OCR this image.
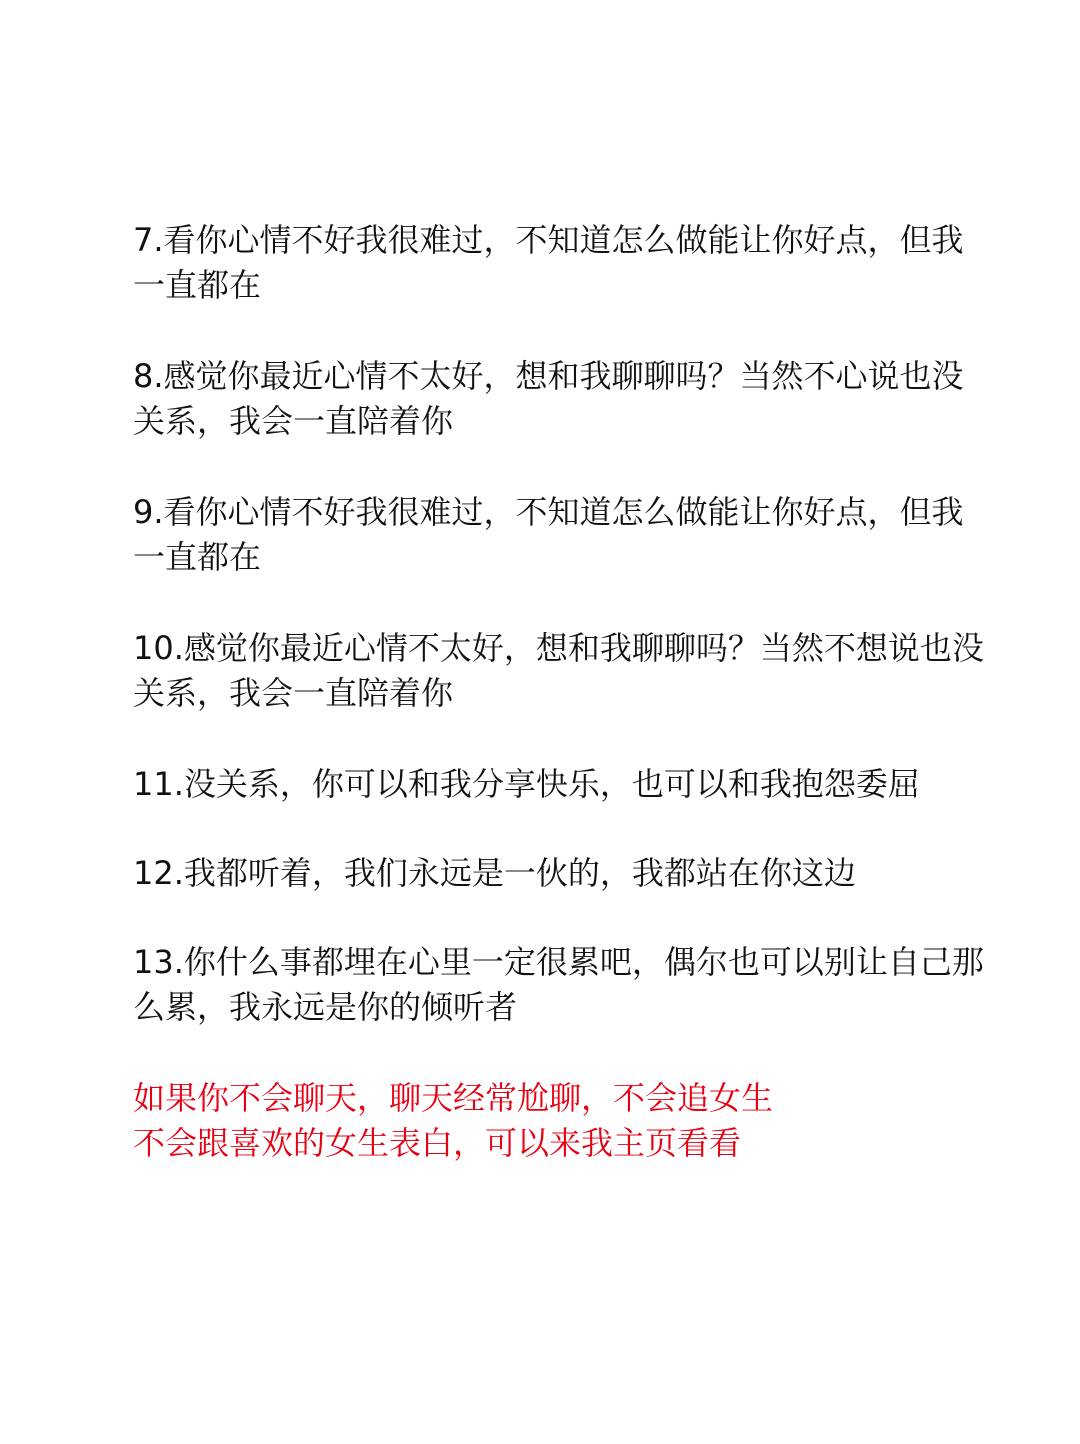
7.看你心情不好我很难过，不知道怎么做能让你好点，但我一直都在
8.感觉你最近心情不太好，想和我聊聊吗？当然不心说也没关系，我会一直陪着你
9.看你心情不好我很难过，不知道怎么做能让你好点，但我一直都在
10.感觉你最近心情不太好，想和我聊聊吗？当然不想说也没关系，我会一直陪着你
11.没关系，你可以和我分享快乐，也可以和我抱怨委屈
12.我都听着，我们永远是一伙的，我都站在你这边
13.你什么事都埋在心里一定很累吧，偶尔也可以别让自己那么累，我永远是你的倾听者
如果你不会聊天，聊天经常尬聊，不会追女生
不会跟喜欢的女生表白，可以来我主页看看
